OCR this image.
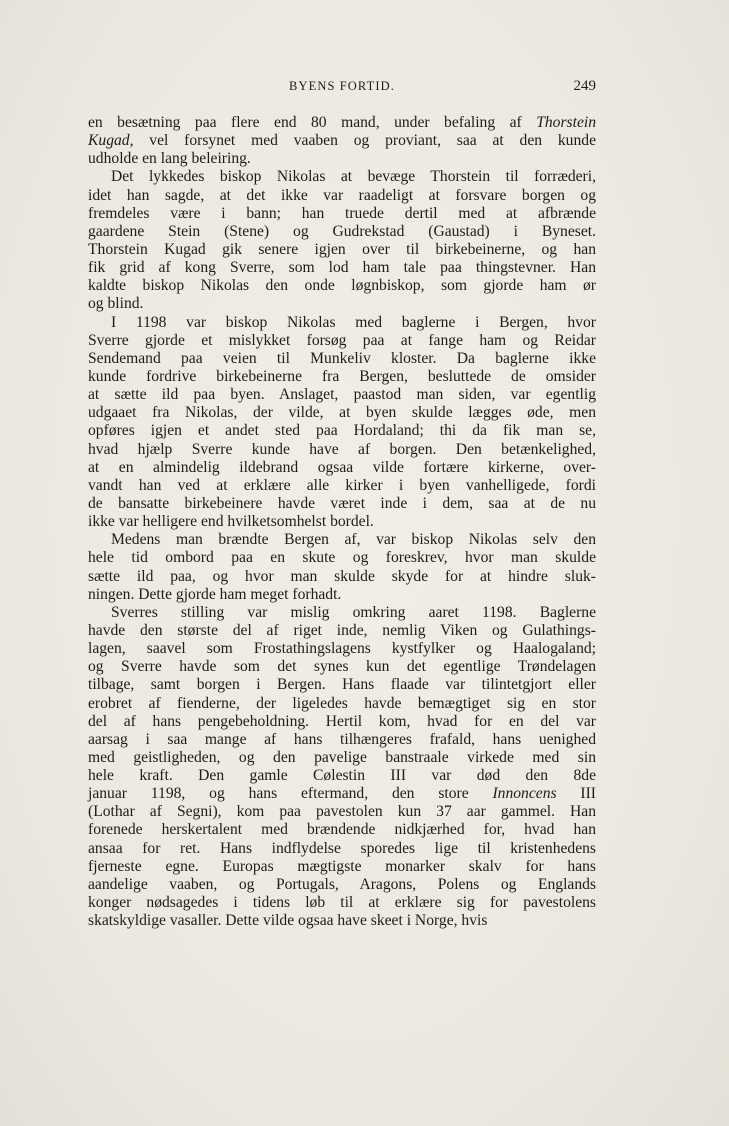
BYENS FORTID.	249
en besætning paa flere end 80 mand, under befaling af Thorstein
Kugad, vel forsynet med vaaben og proviant, saa at den kunde
udholde en lang beleiring.
Det lykkedes biskop Nikolas at bevæge Thorstein til forræderi,
idet han sagde, at det ikke var raadeligt at forsvare borgen og
fremdeles være i bann; han truede dertil med at afbrænde
gaardene Stein (Stene) og Gudrekstad (Gaustad) i Byneset.
Thorstein Kugad gik senere igjen over til birkebeinerne, og han
fik grid af kong Sverre, som lod ham tale paa thingstevner. Han
kaldte biskop Nikolas den onde løgnbiskop, som gjorde ham ør
og blind.
I 1198 var biskop Nikolas med baglerne i Bergen, hvor
Sverre gjorde et mislykket forsøg paa at fange ham og Reidar
Sendemand paa veien til Munkeliv kloster. Da baglerne ikke
kunde fordrive birkebeinerne fra Bergen, besluttede de omsider
at sætte ild paa byen. Anslaget, paastod man siden, var egentlig
udgaaet fra Nikolas, der vilde, at byen skulde lægges øde, men
opføres igjen et andet sted paa Hordaland; thi da fik man se,
hvad hjælp Sverre kunde have af borgen. Den betænkelighed,
at en almindelig ildebrand ogsaa vilde fortære kirkerne, over-
vandt han ved at erklære alle kirker i byen vanhelligede, fordi
de bansatte birkebeinere havde været inde i dem, saa at de nu
ikke var helligere end hvilketsomhelst bordel.
Medens man brændte Bergen af, var biskop Nikolas selv den
hele tid ombord paa en skute og foreskrev, hvor man skulde
sætte ild paa, og hvor man skulde skyde for at hindre sluk-
ningen. Dette gjorde ham meget forhadt.
Sverres stilling var mislig omkring aaret 1198. Baglerne
havde den største del af riget inde, nemlig Viken og Gulathings-
lagen, saavel som Frostathingslagens kystfylker og Haalogaland;
og Sverre havde som det synes kun det egentlige Trøndelagen
tilbage, samt borgen i Bergen. Hans flaade var tilintetgjort eller
erobret af fienderne, der ligeledes havde bemægtiget sig en stor
del af hans pengebeholdning. Hertil kom, hvad for en del var
aarsag i saa mange af hans tilhængeres frafald, hans uenighed
med geistligheden, og den pavelige banstraale virkede med sin
hele kraft. Den gamle Cølestin III var død den 8de
januar 1198, og hans eftermand, den store Innoncens III
(Lothar af Segni), kom paa pavestolen kun 37 aar gammel. Han
forenede herskertalent med brændende nidkjærhed for, hvad han
ansaa for ret. Hans indflydelse sporedes lige til kristenhedens
fjerneste egne. Europas mægtigste monarker skalv for hans
aandelige vaaben, og Portugals, Aragons, Polens og Englands
konger nødsagedes i tidens løb til at erklære sig for pavestolens
skatskyldige vasaller. Dette vilde ogsaa have skeet i Norge, hvis
